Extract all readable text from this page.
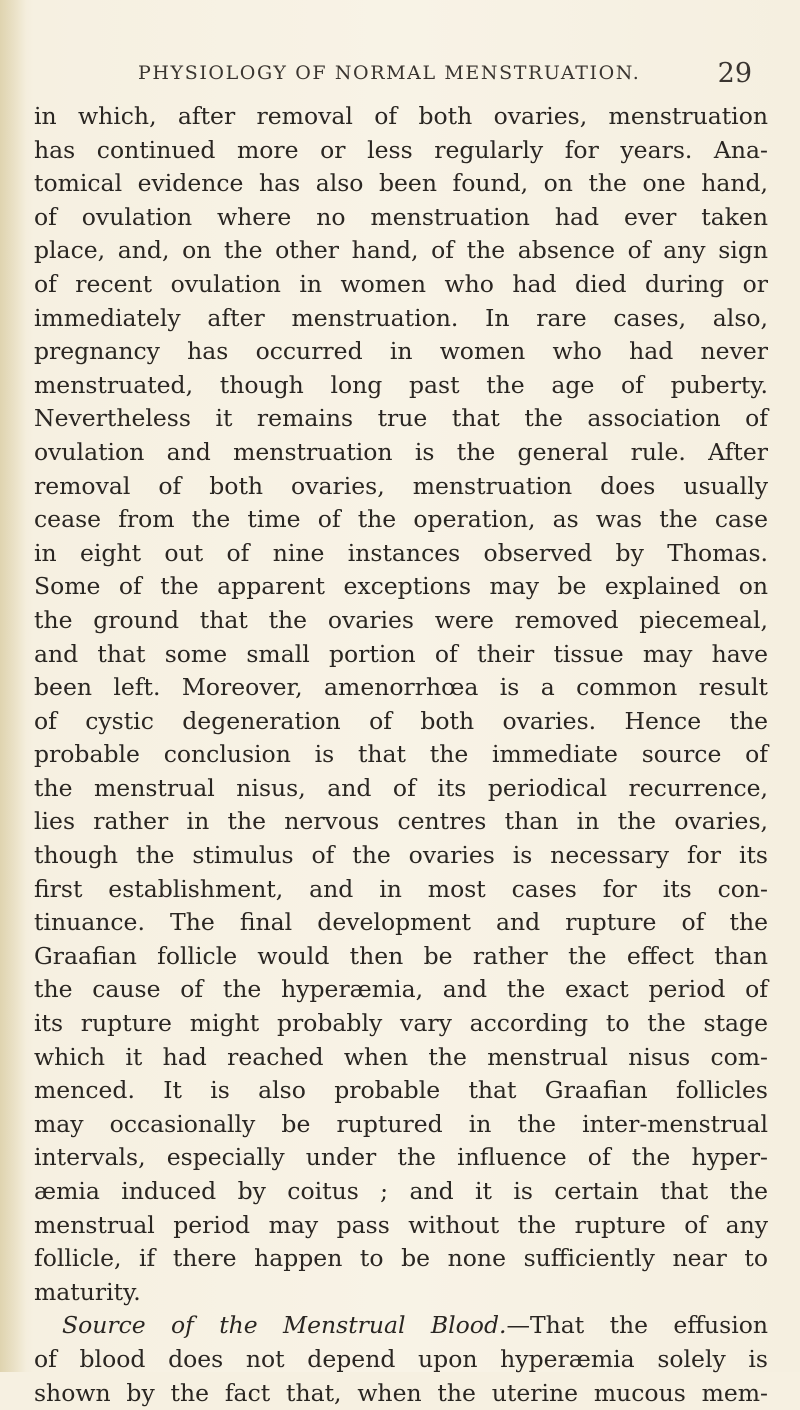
PHYSIOLOGY OF NORMAL MENSTRUATION.	29
in which, after removal of both ovaries, menstruation
has continued more or less regularly for years. Ana-
tomical evidence has also been found, on the one hand,
of ovulation where no menstruation had ever taken
place, and, on the other hand, of the absence of any sign
of recent ovulation in women who had died during or
immediately after menstruation. In rare cases, also,
pregnancy has occurred in women who had never
menstruated, though long past the age of puberty.
Nevertheless it remains true that the association of
ovulation and menstruation is the general rule. After
removal of both ovaries, menstruation does usually
cease from the time of the operation, as was the case
in eight out of nine instances observed by Thomas.
Some of the apparent exceptions may be explained on
the ground that the ovaries were removed piecemeal,
and that some small portion of their tissue may have
been left. Moreover, amenorrhœa is a common result
of cystic degeneration of both ovaries. Hence the
probable conclusion is that the immediate source of
the menstrual nisus, and of its periodical recurrence,
lies rather in the nervous centres than in the ovaries,
though the stimulus of the ovaries is necessary for its
first establishment, and in most cases for its con-
tinuance. The final development and rupture of the
Graafian follicle would then be rather the effect than
the cause of the hyperæmia, and the exact period of
its rupture might probably vary according to the stage
which it had reached when the menstrual nisus com-
menced. It is also probable that Graafian follicles
may occasionally be ruptured in the inter-menstrual
intervals, especially under the influence of the hyper-
æmia induced by coitus ; and it is certain that the
menstrual period may pass without the rupture of any
follicle, if there happen to be none sufficiently near to
maturity.
Source of the Menstrual Blood.—That the effusion
of blood does not depend upon hyperæmia solely is
shown by the fact that, when the uterine mucous mem-
